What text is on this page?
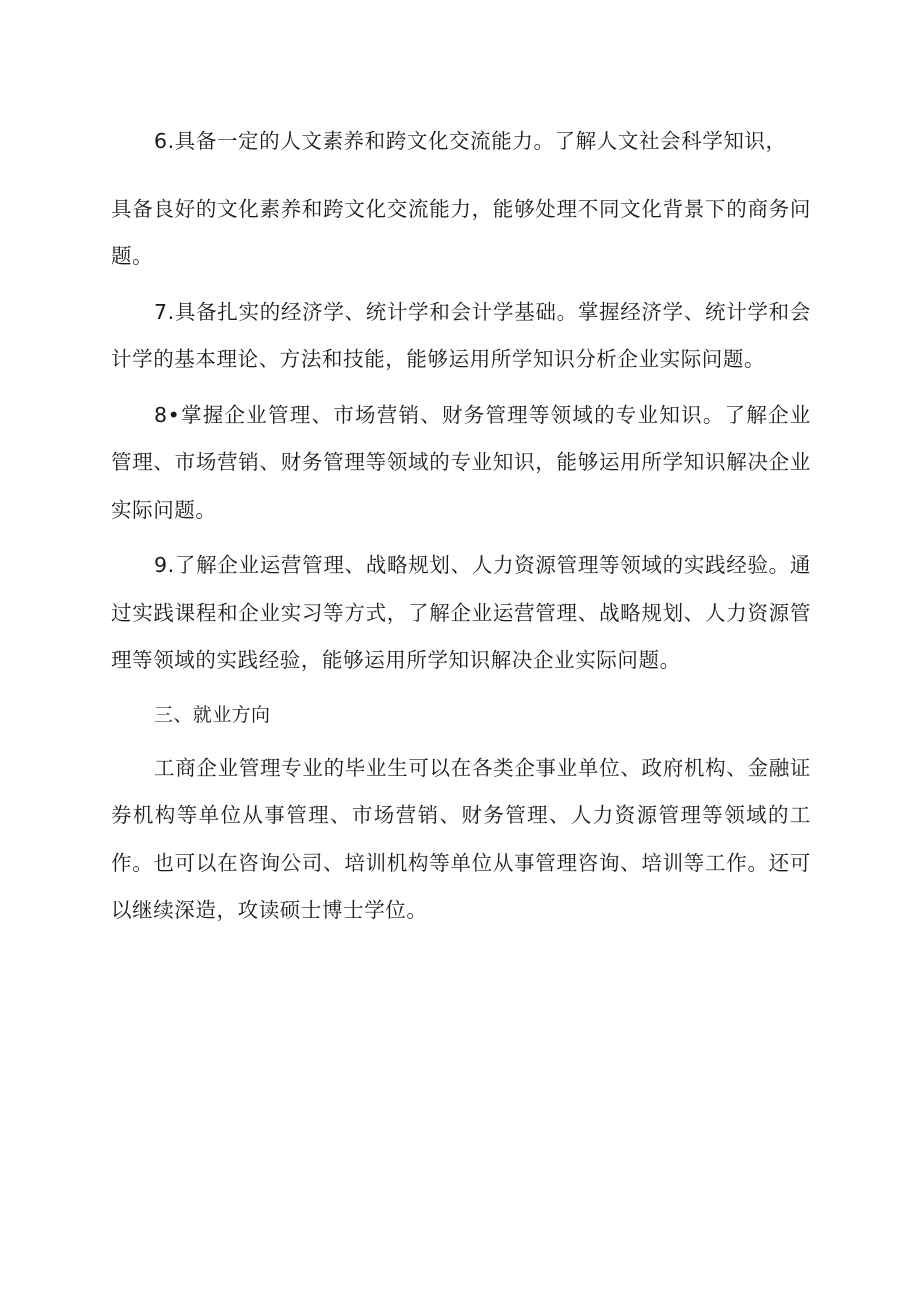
6.具备一定的人文素养和跨文化交流能力。了解人文社会科学知识，

具备良好的文化素养和跨文化交流能力，能够处理不同文化背景下的商务问题。

7.具备扎实的经济学、统计学和会计学基础。掌握经济学、统计学和会计学的基本理论、方法和技能，能够运用所学知识分析企业实际问题。

8•掌握企业管理、市场营销、财务管理等领域的专业知识。了解企业管理、市场营销、财务管理等领域的专业知识，能够运用所学知识解决企业实际问题。

9.了解企业运营管理、战略规划、人力资源管理等领域的实践经验。通过实践课程和企业实习等方式，了解企业运营管理、战略规划、人力资源管理等领域的实践经验，能够运用所学知识解决企业实际问题。

三、就业方向

工商企业管理专业的毕业生可以在各类企事业单位、政府机构、金融证券机构等单位从事管理、市场营销、财务管理、人力资源管理等领域的工作。也可以在咨询公司、培训机构等单位从事管理咨询、培训等工作。还可以继续深造，攻读硕士博士学位。
